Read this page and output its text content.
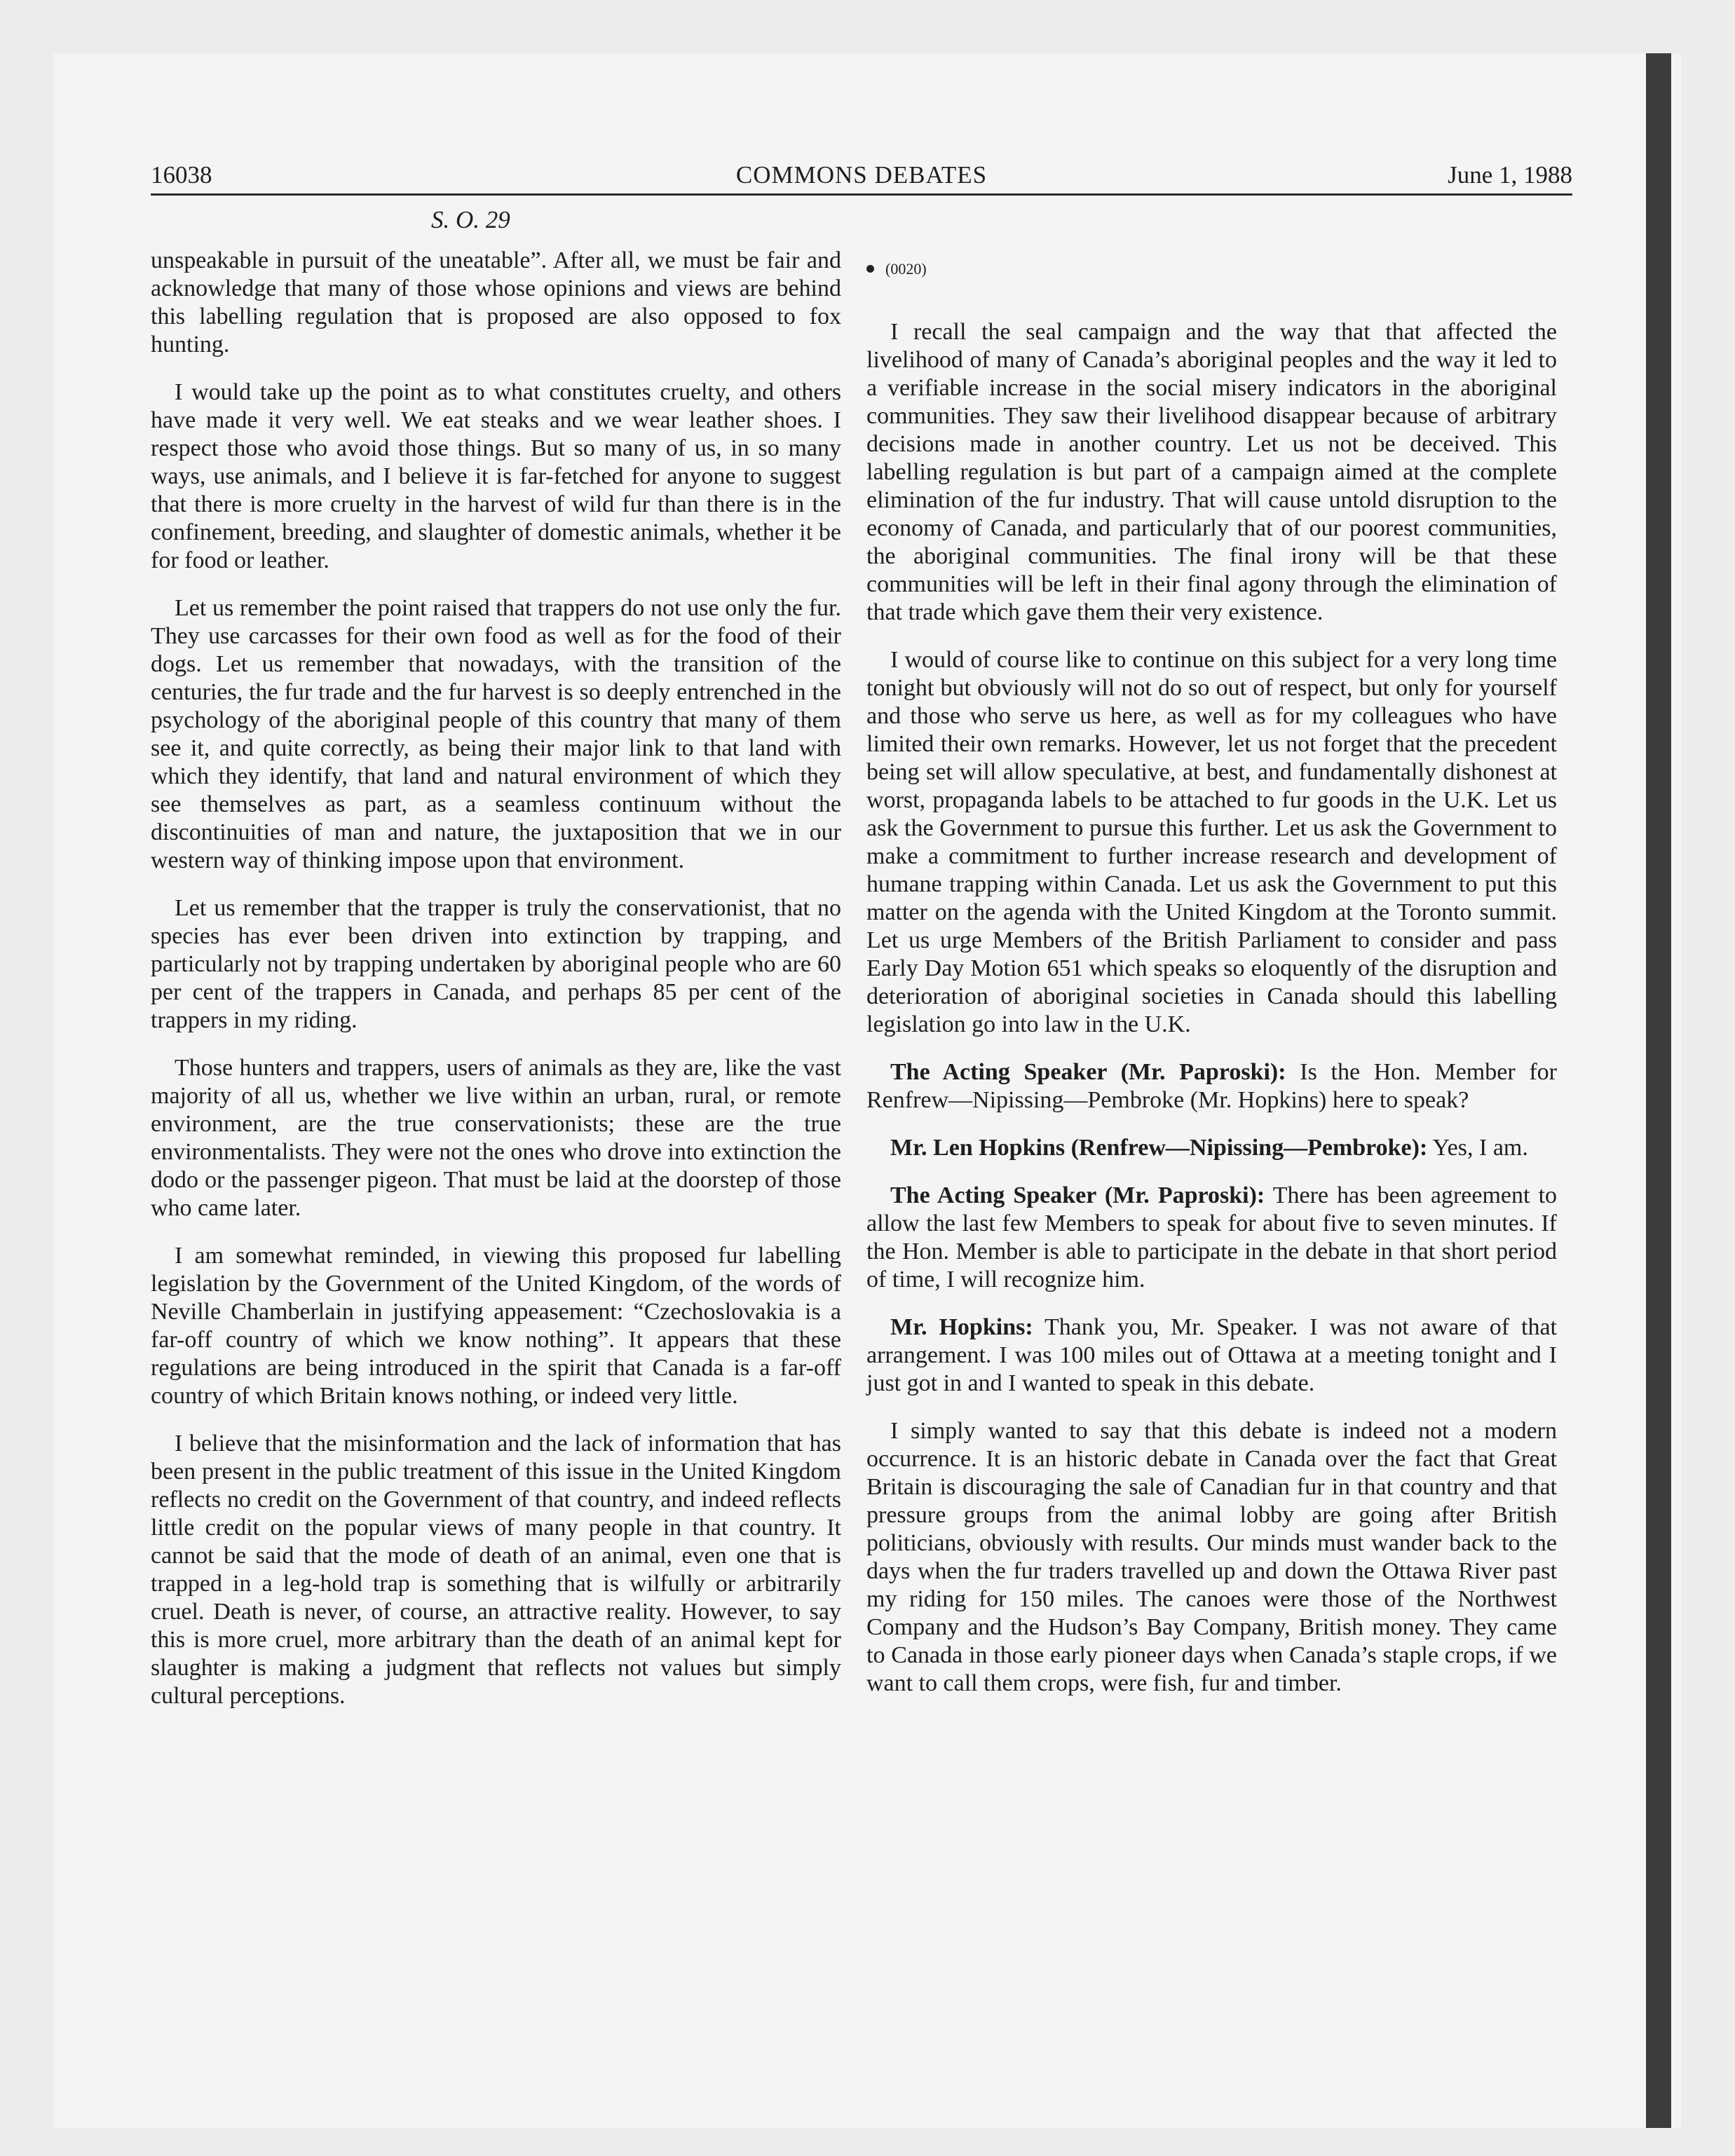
16038	COMMONS DEBATES	June 1, 1988
S. O. 29

unspeakable in pursuit of the uneatable”. After all, we must be fair and acknowledge that many of those whose opinions and views are behind this labelling regulation that is proposed are also opposed to fox hunting.

I would take up the point as to what constitutes cruelty, and others have made it very well. We eat steaks and we wear leather shoes. I respect those who avoid those things. But so many of us, in so many ways, use animals, and I believe it is far-fetched for anyone to suggest that there is more cruelty in the harvest of wild fur than there is in the confinement, breeding, and slaughter of domestic animals, whether it be for food or leather.

Let us remember the point raised that trappers do not use only the fur. They use carcasses for their own food as well as for the food of their dogs. Let us remember that nowadays, with the transition of the centuries, the fur trade and the fur harvest is so deeply entrenched in the psychology of the aboriginal people of this country that many of them see it, and quite correctly, as being their major link to that land with which they identify, that land and natural environment of which they see themselves as part, as a seamless continuum without the discontinuities of man and nature, the juxtaposition that we in our western way of thinking impose upon that environment.

Let us remember that the trapper is truly the conservationist, that no species has ever been driven into extinction by trapping, and particularly not by trapping undertaken by aboriginal people who are 60 per cent of the trappers in Canada, and perhaps 85 per cent of the trappers in my riding.

Those hunters and trappers, users of animals as they are, like the vast majority of all us, whether we live within an urban, rural, or remote environment, are the true conservationists; these are the true environmentalists. They were not the ones who drove into extinction the dodo or the passenger pigeon. That must be laid at the doorstep of those who came later.

I am somewhat reminded, in viewing this proposed fur labelling legislation by the Government of the United Kingdom, of the words of Neville Chamberlain in justifying appeasement: “Czechoslovakia is a far-off country of which we know nothing”. It appears that these regulations are being introduced in the spirit that Canada is a far-off country of which Britain knows nothing, or indeed very little.

I believe that the misinformation and the lack of information that has been present in the public treatment of this issue in the United Kingdom reflects no credit on the Government of that country, and indeed reflects little credit on the popular views of many people in that country. It cannot be said that the mode of death of an animal, even one that is trapped in a leg-hold trap is something that is wilfully or arbitrarily cruel. Death is never, of course, an attractive reality. However, to say this is more cruel, more arbitrary than the death of an animal kept for slaughter is making a judgment that reflects not values but simply cultural perceptions.

(0020)

I recall the seal campaign and the way that that affected the livelihood of many of Canada’s aboriginal peoples and the way it led to a verifiable increase in the social misery indicators in the aboriginal communities. They saw their livelihood disappear because of arbitrary decisions made in another country. Let us not be deceived. This labelling regulation is but part of a campaign aimed at the complete elimination of the fur industry. That will cause untold disruption to the economy of Canada, and particularly that of our poorest communities, the aboriginal communities. The final irony will be that these communities will be left in their final agony through the elimination of that trade which gave them their very existence.

I would of course like to continue on this subject for a very long time tonight but obviously will not do so out of respect, but only for yourself and those who serve us here, as well as for my colleagues who have limited their own remarks. However, let us not forget that the precedent being set will allow speculative, at best, and fundamentally dishonest at worst, propaganda labels to be attached to fur goods in the U.K. Let us ask the Government to pursue this further. Let us ask the Government to make a commitment to further increase research and development of humane trapping within Canada. Let us ask the Government to put this matter on the agenda with the United Kingdom at the Toronto summit. Let us urge Members of the British Parliament to consider and pass Early Day Motion 651 which speaks so eloquently of the disruption and deterioration of aboriginal societies in Canada should this labelling legislation go into law in the U.K.

The Acting Speaker (Mr. Paproski): Is the Hon. Member for Renfrew—Nipissing—Pembroke (Mr. Hopkins) here to speak?

Mr. Len Hopkins (Renfrew—Nipissing—Pembroke): Yes, I am.

The Acting Speaker (Mr. Paproski): There has been agreement to allow the last few Members to speak for about five to seven minutes. If the Hon. Member is able to participate in the debate in that short period of time, I will recognize him.

Mr. Hopkins: Thank you, Mr. Speaker. I was not aware of that arrangement. I was 100 miles out of Ottawa at a meeting tonight and I just got in and I wanted to speak in this debate.

I simply wanted to say that this debate is indeed not a modern occurrence. It is an historic debate in Canada over the fact that Great Britain is discouraging the sale of Canadian fur in that country and that pressure groups from the animal lobby are going after British politicians, obviously with results. Our minds must wander back to the days when the fur traders travelled up and down the Ottawa River past my riding for 150 miles. The canoes were those of the Northwest Company and the Hudson’s Bay Company, British money. They came to Canada in those early pioneer days when Canada’s staple crops, if we want to call them crops, were fish, fur and timber.
